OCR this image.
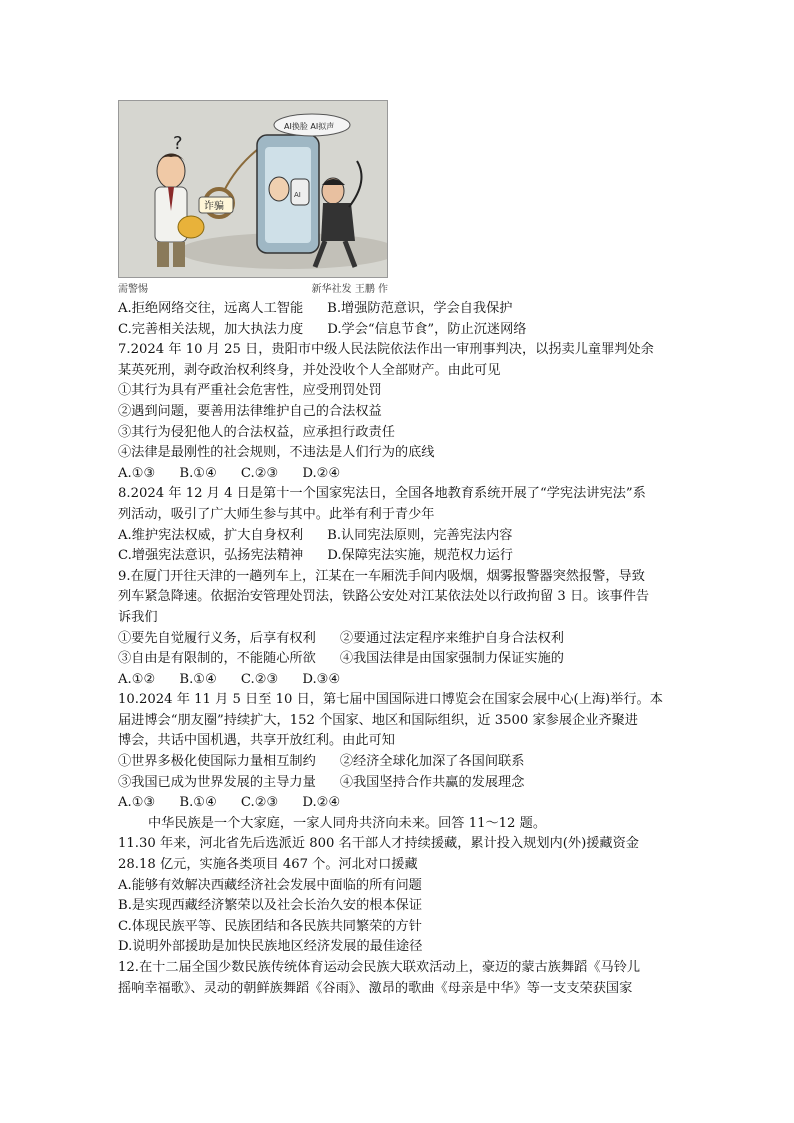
?
诈骗
AI
AI换脸 AI拟声
需警惕	新华社发 王鹏 作
A.拒绝网络交往，远离人工智能 B.增强防范意识，学会自我保护
C.完善相关法规，加大执法力度 D.学会“信息节食”，防止沉迷网络
7.2024 年 10 月 25 日，贵阳市中级人民法院依法作出一审刑事判决，以拐卖儿童罪判处余
某英死刑，剥夺政治权利终身，并处没收个人全部财产。由此可见
①其行为具有严重社会危害性，应受刑罚处罚
②遇到问题，要善用法律维护自己的合法权益
③其行为侵犯他人的合法权益，应承担行政责任
④法律是最刚性的社会规则，不违法是人们行为的底线
A.①③ B.①④ C.②③ D.②④
8.2024 年 12 月 4 日是第十一个国家宪法日，全国各地教育系统开展了“学宪法讲宪法”系
列活动，吸引了广大师生参与其中。此举有利于青少年
A.维护宪法权威，扩大自身权利 B.认同宪法原则，完善宪法内容
C.增强宪法意识，弘扬宪法精神 D.保障宪法实施，规范权力运行
9.在厦门开往天津的一趟列车上，江某在一车厢洗手间内吸烟，烟雾报警器突然报警，导致
列车紧急降速。依据治安管理处罚法，铁路公安处对江某依法处以行政拘留 3 日。该事件告
诉我们
①要先自觉履行义务，后享有权利 ②要通过法定程序来维护自身合法权利
③自由是有限制的，不能随心所欲 ④我国法律是由国家强制力保证实施的
A.①② B.①④ C.②③ D.③④
10.2024 年 11 月 5 日至 10 日，第七届中国国际进口博览会在国家会展中心(上海)举行。本
届进博会“朋友圈”持续扩大，152 个国家、地区和国际组织，近 3500 家参展企业齐聚进
博会，共话中国机遇，共享开放红利。由此可知
①世界多极化使国际力量相互制约 ②经济全球化加深了各国间联系
③我国已成为世界发展的主导力量 ④我国坚持合作共赢的发展理念
A.①③ B.①④ C.②③ D.②④
中华民族是一个大家庭，一家人同舟共济向未来。回答 11～12 题。
11.30 年来，河北省先后选派近 800 名干部人才持续援藏，累计投入规划内(外)援藏资金
28.18 亿元，实施各类项目 467 个。河北对口援藏
A.能够有效解决西藏经济社会发展中面临的所有问题
B.是实现西藏经济繁荣以及社会长治久安的根本保证
C.体现民族平等、民族团结和各民族共同繁荣的方针
D.说明外部援助是加快民族地区经济发展的最佳途径
12.在十二届全国少数民族传统体育运动会民族大联欢活动上，豪迈的蒙古族舞蹈《马铃儿
摇响幸福歌》、灵动的朝鲜族舞蹈《谷雨》、激昂的歌曲《母亲是中华》等一支支荣获国家
